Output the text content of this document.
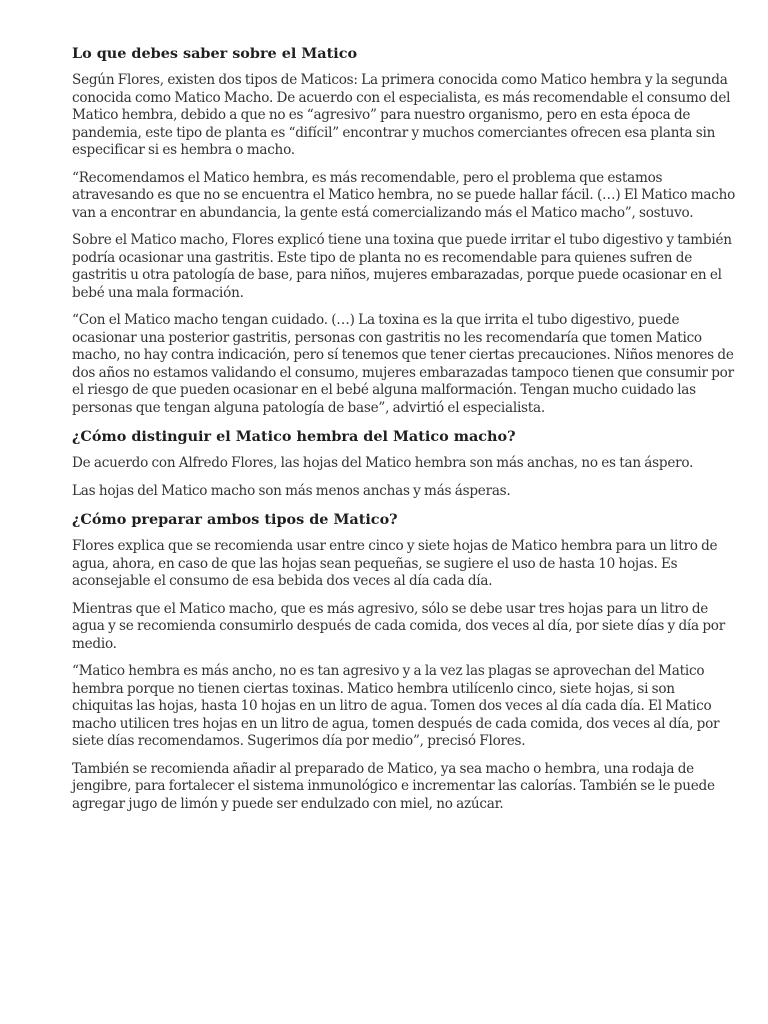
Lo que debes saber sobre el Matico

Según Flores, existen dos tipos de Maticos: La primera conocida como Matico hembra y la segunda conocida como Matico Macho. De acuerdo con el especialista, es más recomendable el consumo del Matico hembra, debido a que no es “agresivo” para nuestro organismo, pero en esta época de pandemia, este tipo de planta es “difícil” encontrar y muchos comerciantes ofrecen esa planta sin especificar si es hembra o macho.

“Recomendamos el Matico hembra, es más recomendable, pero el problema que estamos atravesando es que no se encuentra el Matico hembra, no se puede hallar fácil. (…) El Matico macho van a encontrar en abundancia, la gente está comercializando más el Matico macho”, sostuvo.

Sobre el Matico macho, Flores explicó tiene una toxina que puede irritar el tubo digestivo y también podría ocasionar una gastritis. Este tipo de planta no es recomendable para quienes sufren de gastritis u otra patología de base, para niños, mujeres embarazadas, porque puede ocasionar en el bebé una mala formación.

“Con el Matico macho tengan cuidado. (…) La toxina es la que irrita el tubo digestivo, puede ocasionar una posterior gastritis, personas con gastritis no les recomendaría que tomen Matico macho, no hay contra indicación, pero sí tenemos que tener ciertas precauciones. Niños menores de dos años no estamos validando el consumo, mujeres embarazadas tampoco tienen que consumir por el riesgo de que pueden ocasionar en el bebé alguna malformación. Tengan mucho cuidado las personas que tengan alguna patología de base”, advirtió el especialista.

¿Cómo distinguir el Matico hembra del Matico macho?

De acuerdo con Alfredo Flores, las hojas del Matico hembra son más anchas, no es tan áspero.

Las hojas del Matico macho son más menos anchas y más ásperas.

¿Cómo preparar ambos tipos de Matico?

Flores explica que se recomienda usar entre cinco y siete hojas de Matico hembra para un litro de agua, ahora, en caso de que las hojas sean pequeñas, se sugiere el uso de hasta 10 hojas. Es aconsejable el consumo de esa bebida dos veces al día cada día.

Mientras que el Matico macho, que es más agresivo, sólo se debe usar tres hojas para un litro de agua y se recomienda consumirlo después de cada comida, dos veces al día, por siete días y día por medio.

“Matico hembra es más ancho, no es tan agresivo y a la vez las plagas se aprovechan del Matico hembra porque no tienen ciertas toxinas. Matico hembra utilícenlo cinco, siete hojas, si son chiquitas las hojas, hasta 10 hojas en un litro de agua. Tomen dos veces al día cada día. El Matico macho utilicen tres hojas en un litro de agua, tomen después de cada comida, dos veces al día, por siete días recomendamos. Sugerimos día por medio”, precisó Flores.

También se recomienda añadir al preparado de Matico, ya sea macho o hembra, una rodaja de jengibre, para fortalecer el sistema inmunológico e incrementar las calorías. También se le puede agregar jugo de limón y puede ser endulzado con miel, no azúcar.
